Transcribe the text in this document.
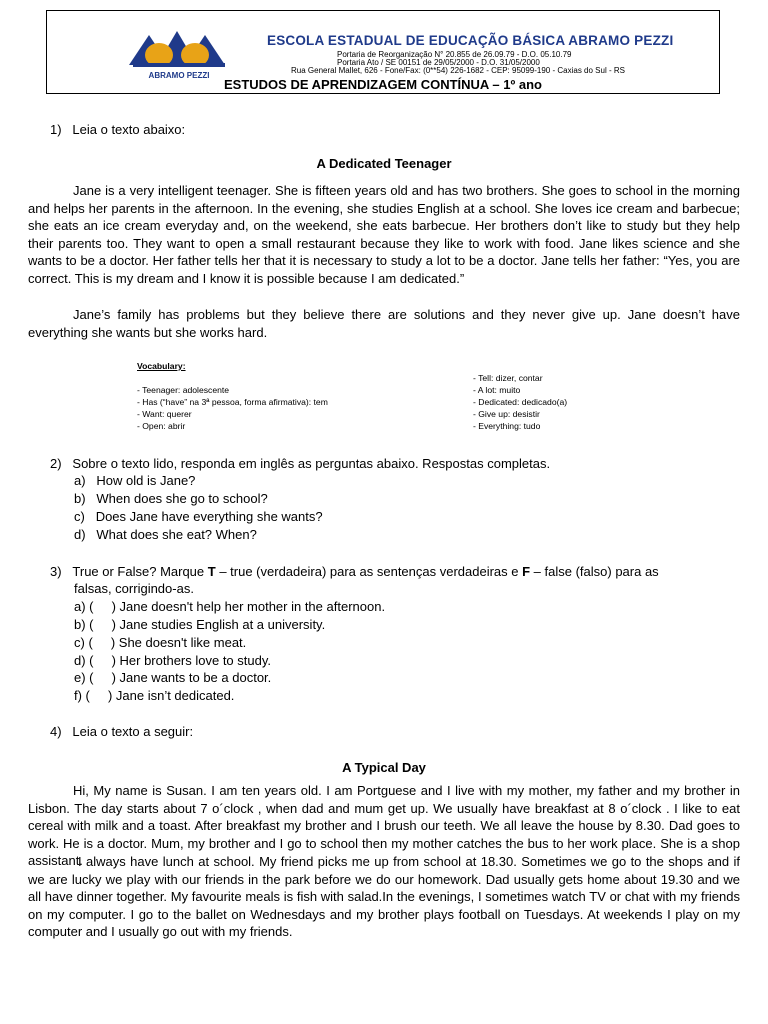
ABRAMO PEZZI
ESCOLA ESTADUAL DE EDUCAÇÃO BÁSICA ABRAMO PEZZI
Portaria de Reorganização N° 20.855 de 26.09.79 - D.O. 05.10.79
Portaria Ato / SE 00151 de 29/05/2000 - D.O. 31/05/2000
Rua General Mallet, 626 - Fone/Fax: (0**54) 226-1682 - CEP: 95099-190 - Caxias do Sul - RS
ESTUDOS DE APRENDIZAGEM CONTÍNUA – 1º ano
1) Leia o texto abaixo:
A Dedicated Teenager

Jane is a very intelligent teenager. She is fifteen years old and has two brothers. She goes to school in the morning and helps her parents in the afternoon. In the evening, she studies English at a school. She loves ice cream and barbecue; she eats an ice cream everyday and, on the weekend, she eats barbecue. Her brothers don’t like to study but they help their parents too. They want to open a small restaurant because they like to work with food. Jane likes science and she wants to be a doctor. Her father tells her that it is necessary to study a lot to be a doctor. Jane tells her father: “Yes, you are correct. This is my dream and I know it is possible because I am dedicated.”

Jane’s family has problems but they believe there are solutions and they never give up. Jane doesn’t have everything she wants but she works hard.

Vocabulary:

- Teenager: adolescente
- Has (“have” na 3ª pessoa, forma afirmativa): tem
- Want: querer
- Open: abrir
- Tell: dizer, contar
- A lot: muito
- Dedicated: dedicado(a)
- Give up: desistir
- Everything: tudo
2) Sobre o texto lido, responda em inglês as perguntas abaixo. Respostas completas.
a) How old is Jane?
b) When does she go to school?
c) Does Jane have everything she wants?
d) What does she eat? When?
3) True or False? Marque T – true (verdadeira) para as sentenças verdadeiras e F – false (falso) para as
falsas, corrigindo-as.
a) ( ) Jane doesn't help her mother in the afternoon.
b) ( ) Jane studies English at a university.
c) ( ) She doesn't like meat.
d) ( ) Her brothers love to study.
e) ( ) Jane wants to be a doctor.
f) ( ) Jane isn’t dedicated.
4) Leia o texto a seguir:
A Typical Day

Hi, My name is Susan. I am ten years old. I am Portguese and I live with my mother, my father and my brother in Lisbon. The day starts about 7 o´clock , when dad and mum get up. We usually have breakfast at 8 o´clock . I like to eat cereal with milk and a toast. After breakfast my brother and I brush our teeth. We all leave the house by 8.30. Dad goes to work. He is a doctor. Mum, my brother and I go to school then my mother catches the bus to her work place. She is a shop assistant.

I always have lunch at school. My friend picks me up from school at 18.30. Sometimes we go to the shops and if we are lucky we play with our friends in the park before we do our homework. Dad usually gets home about 19.30 and we all have dinner together. My favourite meals is fish with salad.In the evenings, I sometimes watch TV or chat with my friends on my computer. I go to the ballet on Wednesdays and my brother plays football on Tuesdays. At weekends I play on my computer and I usually go out with my friends.
